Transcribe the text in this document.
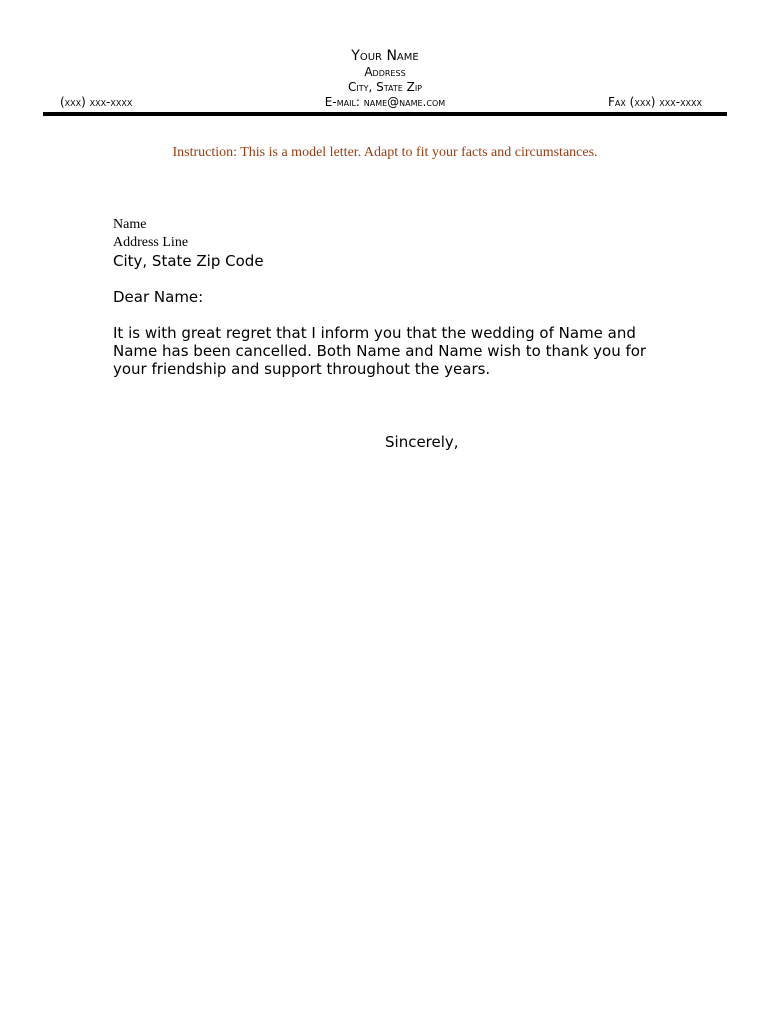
Your Name
Address
City, State Zip
(xxx) xxx-xxxx	E-mail: name@name.com	Fax (xxx) xxx-xxxx
Instruction: This is a model letter. Adapt to fit your facts and circumstances.
Name
Address Line
City, State Zip Code
Dear Name:
It is with great regret that I inform you that the wedding of Name and Name has been cancelled. Both Name and Name wish to thank you for your friendship and support throughout the years.
Sincerely,
